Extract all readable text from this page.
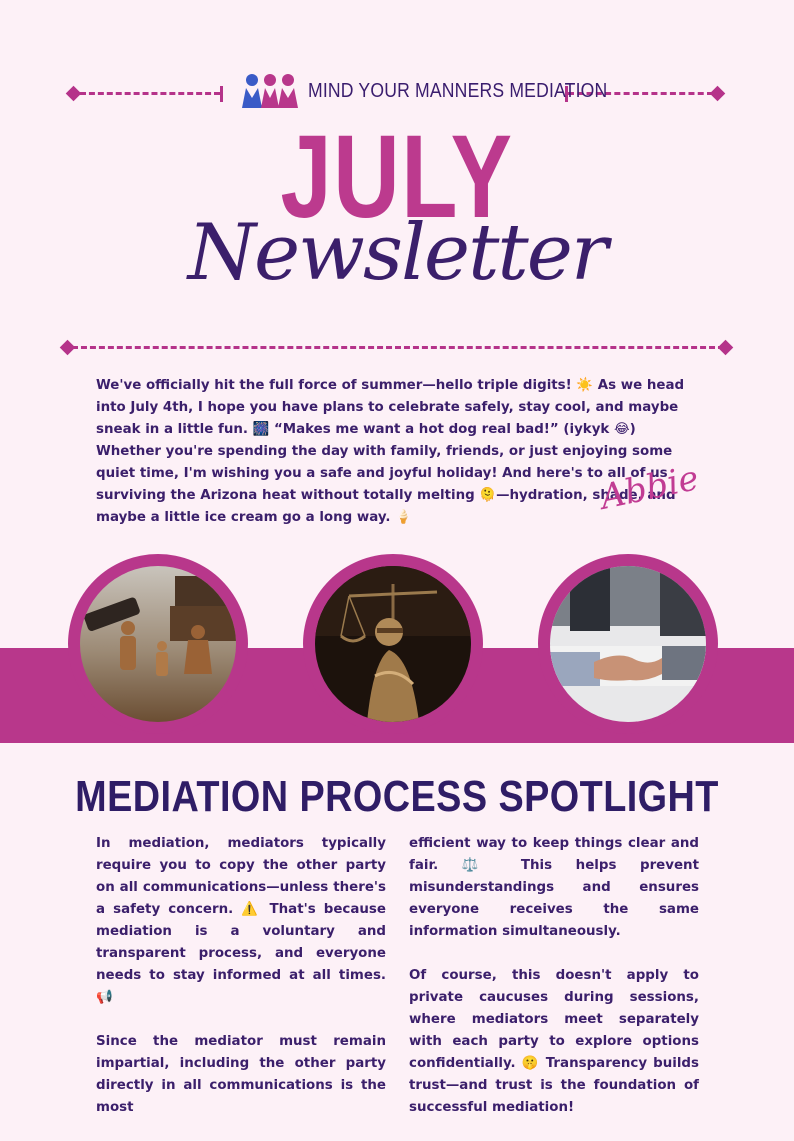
MIND YOUR MANNERS MEDIATION
JULY
Newsletter
We've officially hit the full force of summer—hello triple digits! ☀️ As we head into July 4th, I hope you have plans to celebrate safely, stay cool, and maybe sneak in a little fun. 🎆 “Makes me want a hot dog real bad!” (iykyk 😂) Whether you're spending the day with family, friends, or just enjoying some quiet time, I'm wishing you a safe and joyful holiday! And here's to all of us surviving the Arizona heat without totally melting 🫠—hydration, shade, and maybe a little ice cream go a long way. 🍦	Abbie
MEDIATION PROCESS SPOTLIGHT

In mediation, mediators typically require you to copy the other party on all communications—unless there's a safety concern. ⚠️ That's because mediation is a voluntary and transparent process, and everyone needs to stay informed at all times. 📢

Since the mediator must remain impartial, including the other party directly in all communications is the most

efficient way to keep things clear and fair. ⚖️ This helps prevent misunderstandings and ensures everyone receives the same information simultaneously.

Of course, this doesn't apply to private caucuses during sessions, where mediators meet separately with each party to explore options confidentially. 🤫 Transparency builds trust—and trust is the foundation of successful mediation!
